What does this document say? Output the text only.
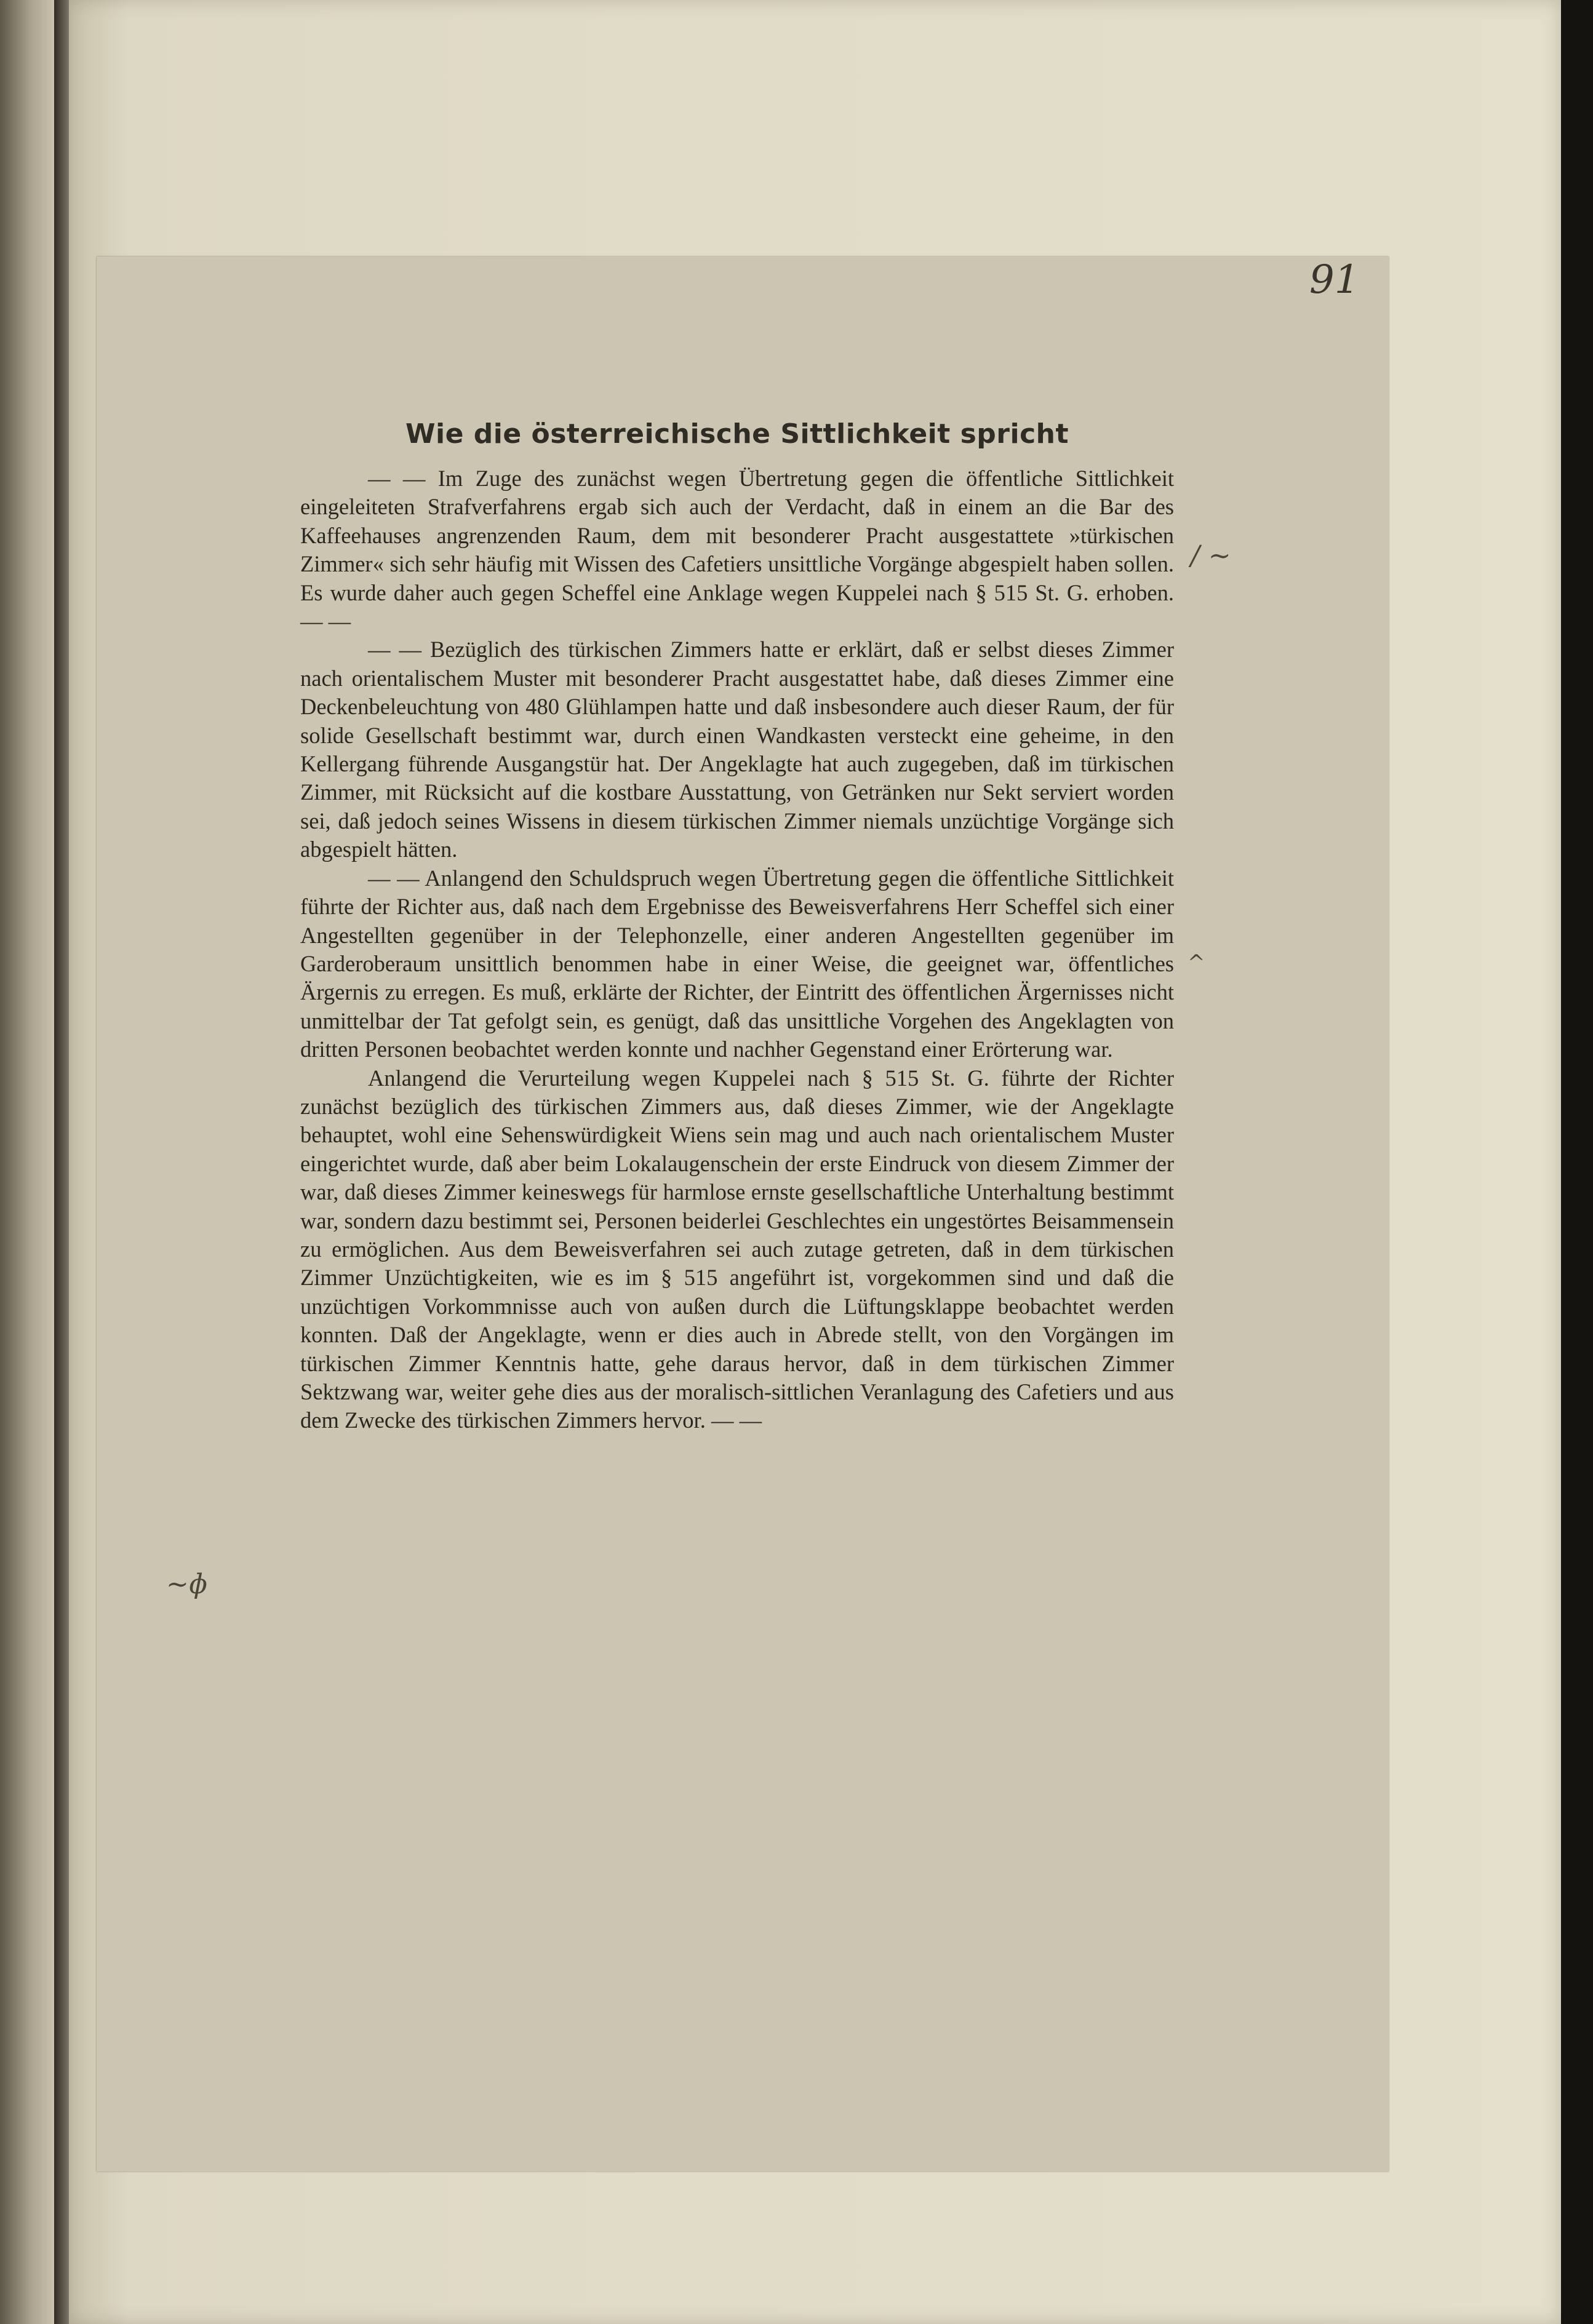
91
Wie die österreichische Sittlichkeit spricht

— — Im Zuge des zunächst wegen Übertretung gegen die öffentliche Sittlichkeit eingeleiteten Strafverfahrens ergab sich auch der Verdacht, daß in einem an die Bar des Kaffeehauses angrenzenden Raum, dem mit besonderer Pracht ausgestattete »türkischen Zimmer« sich sehr häufig mit Wissen des Cafetiers unsittliche Vorgänge abgespielt haben sollen. Es wurde daher auch gegen Scheffel eine Anklage wegen Kuppelei nach § 515 St. G. erhoben. — —

— — Bezüglich des türkischen Zimmers hatte er erklärt, daß er selbst dieses Zimmer nach orientalischem Muster mit besonderer Pracht ausgestattet habe, daß dieses Zimmer eine Deckenbeleuchtung von 480 Glühlampen hatte und daß insbesondere auch dieser Raum, der für solide Gesellschaft bestimmt war, durch einen Wandkasten versteckt eine geheime, in den Kellergang führende Ausgangstür hat. Der Angeklagte hat auch zugegeben, daß im türkischen Zimmer, mit Rücksicht auf die kostbare Ausstattung, von Getränken nur Sekt serviert worden sei, daß jedoch seines Wissens in diesem türkischen Zimmer niemals unzüchtige Vorgänge sich abgespielt hätten.

— — Anlangend den Schuldspruch wegen Übertretung gegen die öffentliche Sittlichkeit führte der Richter aus, daß nach dem Ergebnisse des Beweisverfahrens Herr Scheffel sich einer Angestellten gegenüber in der Telephonzelle, einer anderen Angestellten gegenüber im Garderoberaum unsittlich benommen habe in einer Weise, die geeignet war, öffentliches Ärgernis zu erregen. Es muß, erklärte der Richter, der Eintritt des öffentlichen Ärgernisses nicht unmittelbar der Tat gefolgt sein, es genügt, daß das unsittliche Vorgehen des Angeklagten von dritten Personen beobachtet werden konnte und nachher Gegenstand einer Erörterung war.

Anlangend die Verurteilung wegen Kuppelei nach § 515 St. G. führte der Richter zunächst bezüglich des türkischen Zimmers aus, daß dieses Zimmer, wie der Angeklagte behauptet, wohl eine Sehenswürdigkeit Wiens sein mag und auch nach orientalischem Muster eingerichtet wurde, daß aber beim Lokalaugenschein der erste Eindruck von diesem Zimmer der war, daß dieses Zimmer keineswegs für harmlose ernste gesellschaftliche Unterhaltung bestimmt war, sondern dazu bestimmt sei, Personen beiderlei Geschlechtes ein ungestörtes Beisammensein zu ermöglichen. Aus dem Beweisverfahren sei auch zutage getreten, daß in dem türkischen Zimmer Unzüchtigkeiten, wie es im § 515 angeführt ist, vorgekommen sind und daß die unzüchtigen Vorkommnisse auch von außen durch die Lüftungsklappe beobachtet werden konnten. Daß der Angeklagte, wenn er dies auch in Abrede stellt, von den Vorgängen im türkischen Zimmer Kenntnis hatte, gehe daraus hervor, daß in dem türkischen Zimmer Sektzwang war, weiter gehe dies aus der moralisch-sittlichen Veranlagung des Cafetiers und aus dem Zwecke des türkischen Zimmers hervor. — —

/ ~
^
~ɸ
